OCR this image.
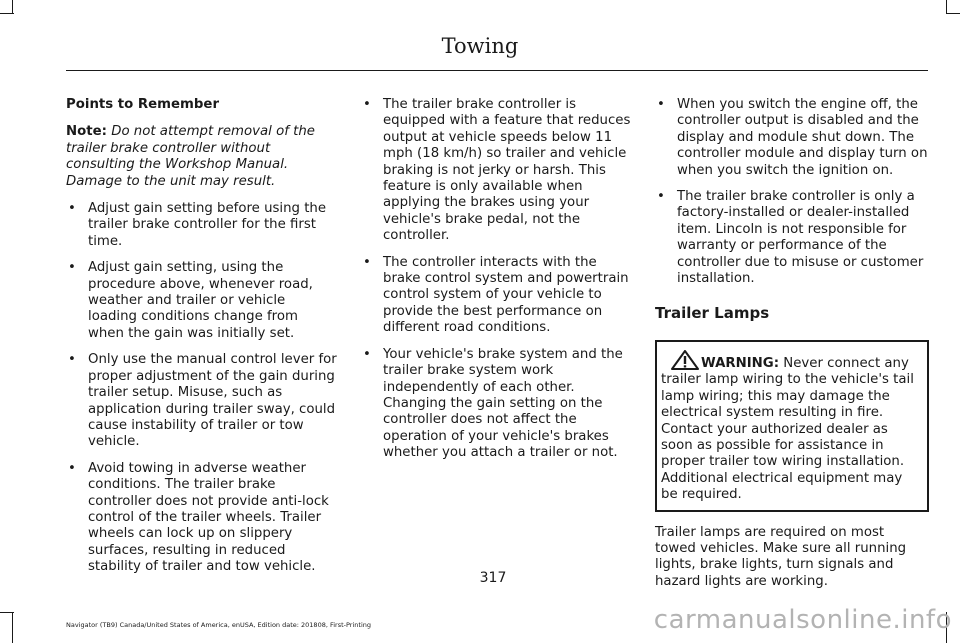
Towing
Points to Remember
Note: Do not attempt removal of the trailer brake controller without consulting the Workshop Manual. Damage to the unit may result.
• Adjust gain setting before using the trailer brake controller for the first time.
• Adjust gain setting, using the procedure above, whenever road, weather and trailer or vehicle loading conditions change from when the gain was initially set.
• Only use the manual control lever for proper adjustment of the gain during trailer setup. Misuse, such as application during trailer sway, could cause instability of trailer or tow vehicle.
• Avoid towing in adverse weather conditions. The trailer brake controller does not provide anti-lock control of the trailer wheels. Trailer wheels can lock up on slippery surfaces, resulting in reduced stability of trailer and tow vehicle.
• The trailer brake controller is equipped with a feature that reduces output at vehicle speeds below 11 mph (18 km/h) so trailer and vehicle braking is not jerky or harsh. This feature is only available when applying the brakes using your vehicle's brake pedal, not the controller.
• The controller interacts with the brake control system and powertrain control system of your vehicle to provide the best performance on different road conditions.
• Your vehicle's brake system and the trailer brake system work independently of each other. Changing the gain setting on the controller does not affect the operation of your vehicle's brakes whether you attach a trailer or not.
• When you switch the engine off, the controller output is disabled and the display and module shut down. The controller module and display turn on when you switch the ignition on.
• The trailer brake controller is only a factory-installed or dealer-installed item. Lincoln is not responsible for warranty or performance of the controller due to misuse or customer installation.
Trailer Lamps
WARNING: Never connect any trailer lamp wiring to the vehicle's tail lamp wiring; this may damage the electrical system resulting in fire. Contact your authorized dealer as soon as possible for assistance in proper trailer tow wiring installation. Additional electrical equipment may be required.
Trailer lamps are required on most towed vehicles. Make sure all running lights, brake lights, turn signals and hazard lights are working.
317
Navigator (TB9) Canada/United States of America, enUSA, Edition date: 201808, First-Printing	carmanualsonline.info
